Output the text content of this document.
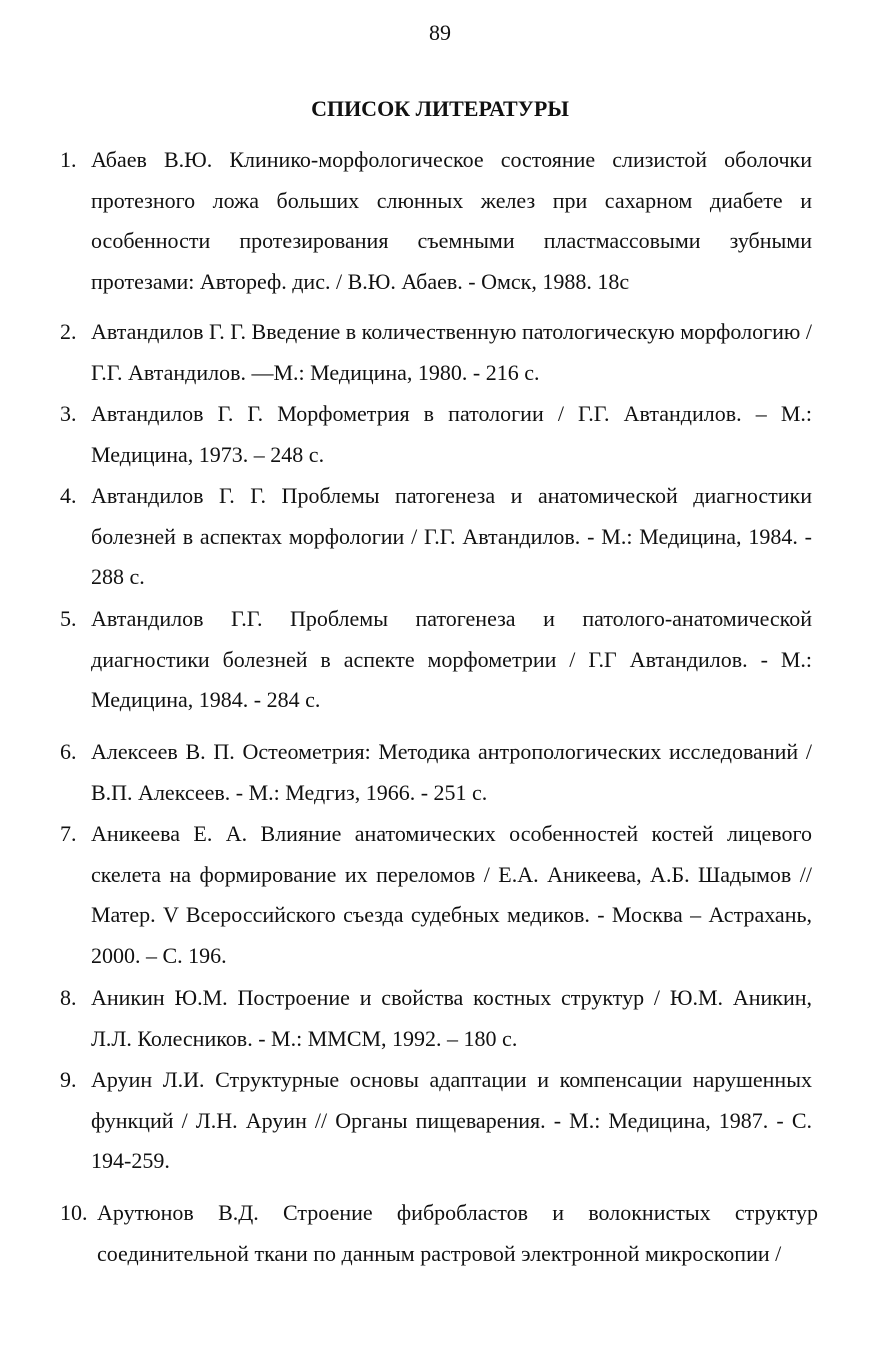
89
СПИСОК ЛИТЕРАТУРЫ
1. Абаев В.Ю. Клинико-морфологическое состояние слизистой оболочки протезного ложа больших слюнных желез при сахарном диабете и особенности протезирования съемными пластмассовыми зубными протезами: Автореф. дис. / В.Ю. Абаев. - Омск, 1988. 18с
2. Автандилов Г. Г. Введение в количественную патологическую морфологию / Г.Г. Автандилов. —М.: Медицина, 1980. - 216 с.
3. Автандилов Г. Г. Морфометрия в патологии / Г.Г. Автандилов. – М.: Медицина, 1973. – 248 с.
4. Автандилов Г. Г. Проблемы патогенеза и анатомической диагностики болезней в аспектах морфологии / Г.Г. Автандилов. - М.: Медицина, 1984. - 288 с.
5. Автандилов Г.Г. Проблемы патогенеза и патолого-анатомической диагностики болезней в аспекте морфометрии / Г.Г Автандилов. - М.: Медицина, 1984. - 284 с.
6. Алексеев В. П. Остеометрия: Методика антропологических исследований / В.П. Алексеев. - М.: Медгиз, 1966. - 251 с.
7. Аникеева Е. А. Влияние анатомических особенностей костей лицевого скелета на формирование их переломов / Е.А. Аникеева, А.Б. Шадымов // Матер. V Всероссийского съезда судебных медиков. - Москва – Астрахань, 2000. – С. 196.
8. Аникин Ю.М. Построение и свойства костных структур / Ю.М. Аникин, Л.Л. Колесников. - М.: ММСМ, 1992. – 180 с.
9. Аруин Л.И. Структурные основы адаптации и компенсации нарушенных функций / Л.Н. Аруин // Органы пищеварения. - М.: Медицина, 1987. - С. 194-259.
10. Арутюнов В.Д. Строение фибробластов и волокнистых структур соединительной ткани по данным растровой электронной микроскопии /
